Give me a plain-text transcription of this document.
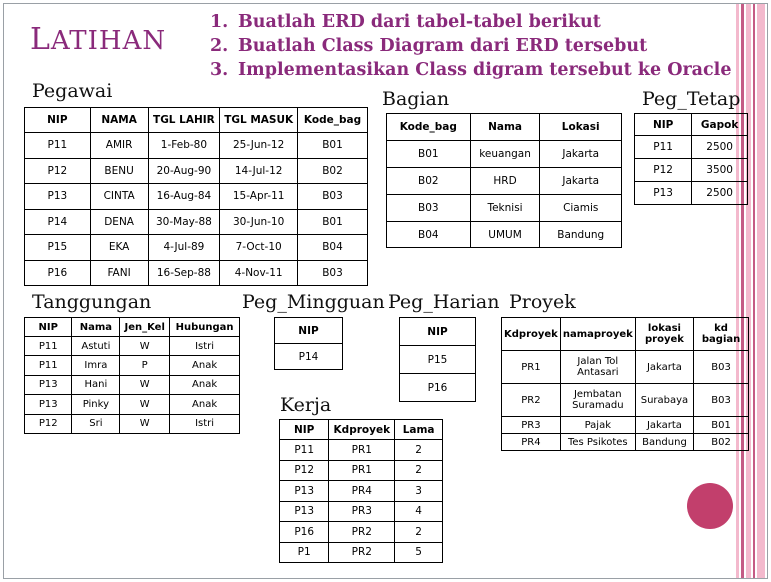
LATIHAN
1. Buatlah ERD dari tabel-tabel berikut
2. Buatlah Class Diagram dari ERD tersebut
3. Implementasikan Class digram tersebut ke Oracle
Pegawai
NIP	NAMA	TGL LAHIR	TGL MASUK	Kode_bag
P11	AMIR	1-Feb-80	25-Jun-12	B01
P12	BENU	20-Aug-90	14-Jul-12	B02
P13	CINTA	16-Aug-84	15-Apr-11	B03
P14	DENA	30-May-88	30-Jun-10	B01
P15	EKA	4-Jul-89	7-Oct-10	B04
P16	FANI	16-Sep-88	4-Nov-11	B03
Bagian
Kode_bag	Nama	Lokasi
B01	keuangan	Jakarta
B02	HRD	Jakarta
B03	Teknisi	Ciamis
B04	UMUM	Bandung
Peg_Tetap
NIP	Gapok
P11	2500
P12	3500
P13	2500
Tanggungan
NIP	Nama	Jen_Kel	Hubungan
P11	Astuti	W	Istri
P11	Imra	P	Anak
P13	Hani	W	Anak
P13	Pinky	W	Anak
P12	Sri	W	Istri
Peg_Mingguan
NIP
P14
Peg_Harian
NIP
P15
P16
Proyek
Kdproyek	namaproyek	lokasi proyek	kd bagian
PR1	Jalan Tol Antasari	Jakarta	B03
PR2	Jembatan Suramadu	Surabaya	B03
PR3	Pajak	Jakarta	B01
PR4	Tes Psikotes	Bandung	B02
Kerja
NIP	Kdproyek	Lama
P11	PR1	2
P12	PR1	2
P13	PR4	3
P13	PR3	4
P16	PR2	2
P1	PR2	5
